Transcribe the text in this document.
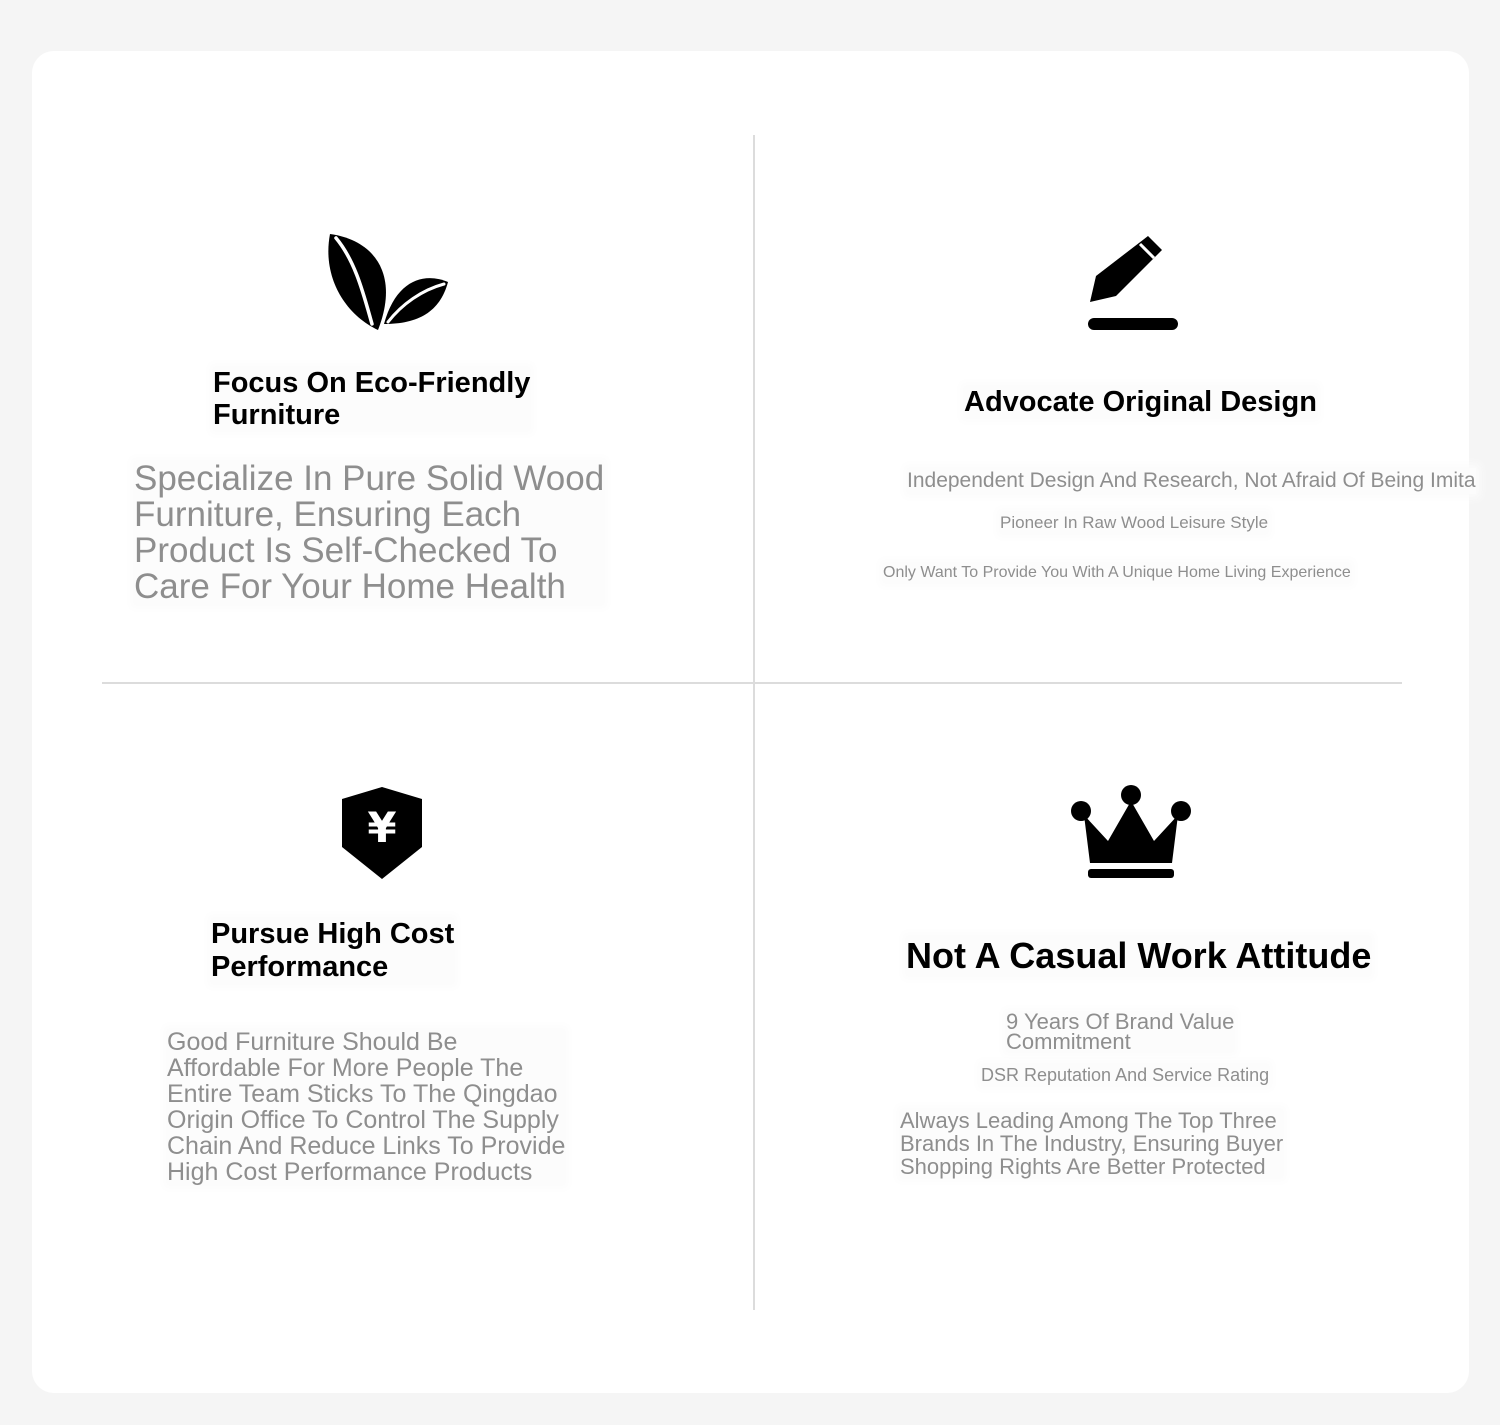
Focus On Eco-Friendly
Furniture
Specialize In Pure Solid Wood
Furniture, Ensuring Each
Product Is Self-Checked To
Care For Your Home Health
Advocate Original Design
Independent Design And Research, Not Afraid Of Being Imita
Pioneer In Raw Wood Leisure Style
Only Want To Provide You With A Unique Home Living Experience
¥
Pursue High Cost
Performance
Good Furniture Should Be
Affordable For More People The
Entire Team Sticks To The Qingdao
Origin Office To Control The Supply
Chain And Reduce Links To Provide
High Cost Performance Products
Not A Casual Work Attitude
9 Years Of Brand Value
Commitment
DSR Reputation And Service Rating
Always Leading Among The Top Three
Brands In The Industry, Ensuring Buyer
Shopping Rights Are Better Protected
